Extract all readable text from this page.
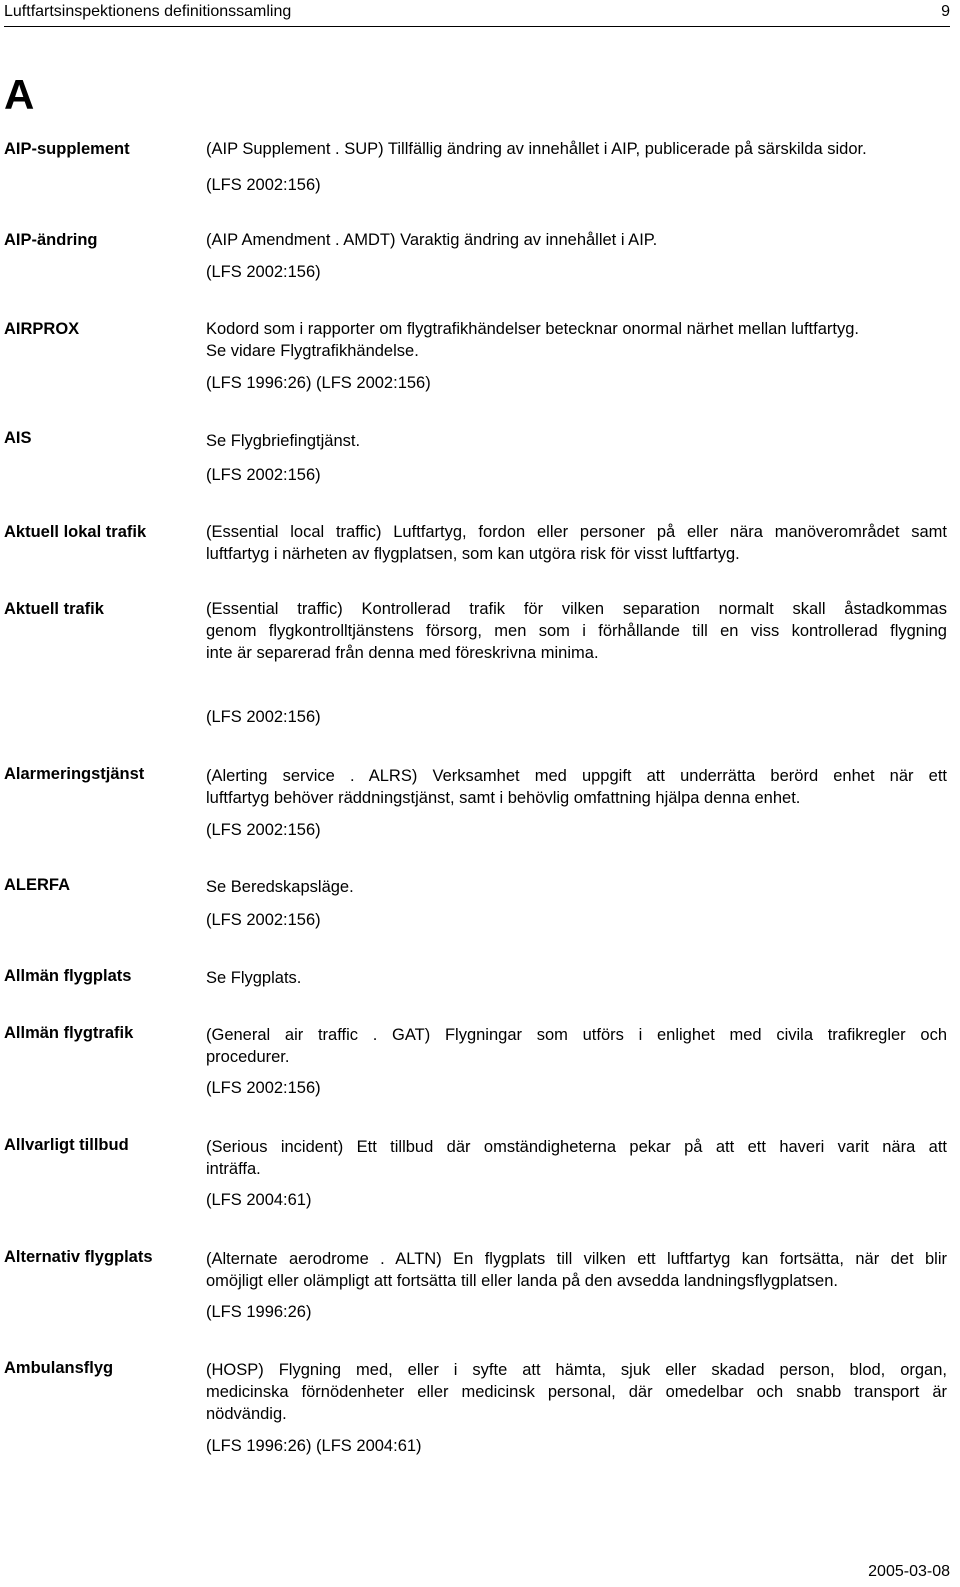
Luftfartsinspektionens definitionssamling	9
A
AIP-supplement	(AIP Supplement . SUP) Tillfällig ändring av innehållet i AIP, publicerade på särskilda sidor.
(LFS 2002:156)
AIP-ändring	(AIP Amendment . AMDT) Varaktig ändring av innehållet i AIP.
(LFS 2002:156)
AIRPROX	Kodord som i rapporter om flygtrafikhändelser betecknar onormal närhet mellan luftfartyg.
Se vidare Flygtrafikhändelse.
(LFS 1996:26) (LFS 2002:156)
AIS	Se Flygbriefingtjänst.
(LFS 2002:156)
Aktuell lokal trafik	(Essential local traffic) Luftfartyg, fordon eller personer på eller nära manöverområdet samt
luftfartyg i närheten av flygplatsen, som kan utgöra risk för visst luftfartyg.
Aktuell trafik	(Essential traffic) Kontrollerad trafik för vilken separation normalt skall åstadkommas
genom flygkontrolltjänstens försorg, men som i förhållande till en viss kontrollerad flygning
inte är separerad från denna med föreskrivna minima.
(LFS 2002:156)
Alarmeringstjänst	(Alerting service . ALRS) Verksamhet med uppgift att underrätta berörd enhet när ett
luftfartyg behöver räddningstjänst, samt i behövlig omfattning hjälpa denna enhet.
(LFS 2002:156)
ALERFA	Se Beredskapsläge.
(LFS 2002:156)
Allmän flygplats	Se Flygplats.
Allmän flygtrafik	(General air traffic . GAT) Flygningar som utförs i enlighet med civila trafikregler och
procedurer.
(LFS 2002:156)
Allvarligt tillbud	(Serious incident) Ett tillbud där omständigheterna pekar på att ett haveri varit nära att
inträffa.
(LFS 2004:61)
Alternativ flygplats	(Alternate aerodrome . ALTN) En flygplats till vilken ett luftfartyg kan fortsätta, när det blir
omöjligt eller olämpligt att fortsätta till eller landa på den avsedda landningsflygplatsen.
(LFS 1996:26)
Ambulansflyg	(HOSP) Flygning med, eller i syfte att hämta, sjuk eller skadad person, blod, organ,
medicinska förnödenheter eller medicinsk personal, där omedelbar och snabb transport är
nödvändig.
(LFS 1996:26) (LFS 2004:61)
2005-03-08
